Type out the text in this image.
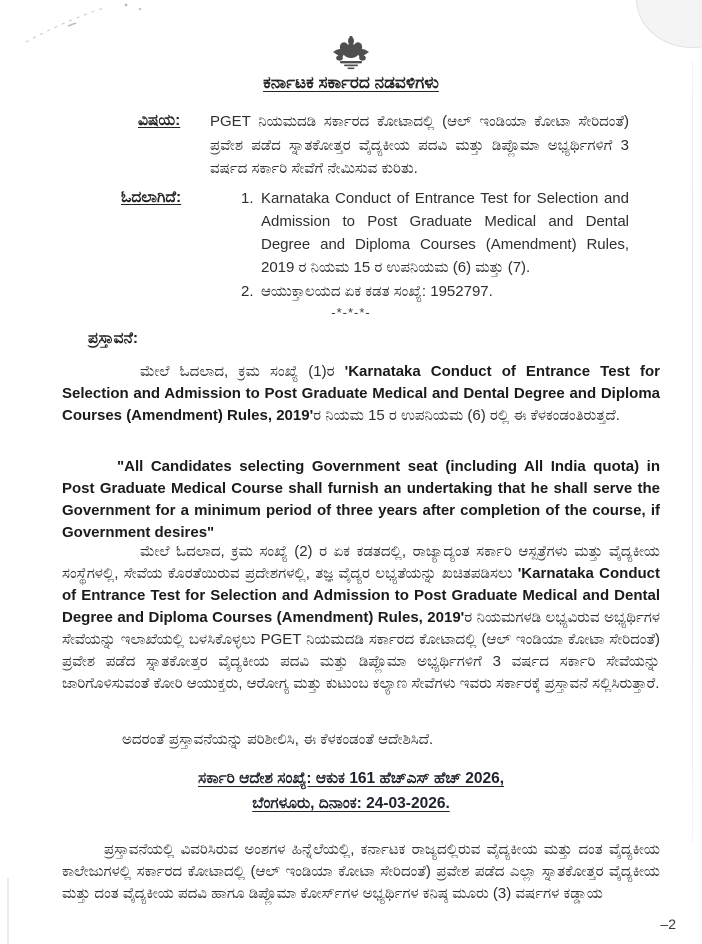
ಕರ್ನಾಟಕ ಸರ್ಕಾರದ ನಡವಳಿಗಳು
ವಿಷಯ: PGET ನಿಯಮದಡಿ ಸರ್ಕಾರದ ಕೋಟಾದಲ್ಲಿ (ಆಲ್ ಇಂಡಿಯಾ ಕೋಟಾ ಸೇರಿದಂತೆ) ಪ್ರವೇಶ ಪಡೆದ ಸ್ನಾತಕೋತ್ತರ ವೈದ್ಯಕೀಯ ಪದವಿ ಮತ್ತು ಡಿಪ್ಲೊಮಾ ಅಭ್ಯರ್ಥಿಗಳಿಗೆ 3 ವರ್ಷದ ಸರ್ಕಾರಿ ಸೇವೆಗೆ ನೇಮಿಸುವ ಕುರಿತು.
ಓದಲಾಗಿದೆ:	1. Karnataka Conduct of Entrance Test for Selection and Admission to Post Graduate Medical and Dental Degree and Diploma Courses (Amendment) Rules, 2019 ರ ನಿಯಮ 15 ರ ಉಪನಿಯಮ (6) ಮತ್ತು (7).
2. ಆಯುಕ್ತಾಲಯದ ಏಕ ಕಡತ ಸಂಖ್ಯೆ: 1952797.
-*-*-*-
ಪ್ರಸ್ತಾವನೆ:

ಮೇಲೆ ಓದಲಾದ, ಕ್ರಮ ಸಂಖ್ಯೆ (1)ರ 'Karnataka Conduct of Entrance Test for Selection and Admission to Post Graduate Medical and Dental Degree and Diploma Courses (Amendment) Rules, 2019'ರ ನಿಯಮ 15 ರ ಉಪನಿಯಮ (6) ರಲ್ಲಿ ಈ ಕೆಳಕಂಡಂತಿರುತ್ತದೆ.

"All Candidates selecting Government seat (including All India quota) in Post Graduate Medical Course shall furnish an undertaking that he shall serve the Government for a minimum period of three years after completion of the course, if Government desires"

ಮೇಲೆ ಓದಲಾದ, ಕ್ರಮ ಸಂಖ್ಯೆ (2) ರ ಏಕ ಕಡತದಲ್ಲಿ, ರಾಜ್ಯಾದ್ಯಂತ ಸರ್ಕಾರಿ ಆಸ್ಪತ್ರೆಗಳು ಮತ್ತು ವೈದ್ಯಕೀಯ ಸಂಸ್ಥೆಗಳಲ್ಲಿ, ಸೇವೆಯ ಕೊರತೆಯಿರುವ ಪ್ರದೇಶಗಳಲ್ಲಿ, ತಜ್ಞ ವೈದ್ಯರ ಲಭ್ಯತೆಯನ್ನು ಖಚಿತಪಡಿಸಲು 'Karnataka Conduct of Entrance Test for Selection and Admission to Post Graduate Medical and Dental Degree and Diploma Courses (Amendment) Rules, 2019'ರ ನಿಯಮಗಳಡಿ ಲಭ್ಯವಿರುವ ಅಭ್ಯರ್ಥಿಗಳ ಸೇವೆಯನ್ನು ಇಲಾಖೆಯಲ್ಲಿ ಬಳಸಿಕೊಳ್ಳಲು PGET ನಿಯಮದಡಿ ಸರ್ಕಾರದ ಕೋಟಾದಲ್ಲಿ (ಆಲ್ ಇಂಡಿಯಾ ಕೋಟಾ ಸೇರಿದಂತೆ) ಪ್ರವೇಶ ಪಡೆದ ಸ್ನಾತಕೋತ್ತರ ವೈದ್ಯಕೀಯ ಪದವಿ ಮತ್ತು ಡಿಪ್ಲೊಮಾ ಅಭ್ಯರ್ಥಿಗಳಿಗೆ 3 ವರ್ಷದ ಸರ್ಕಾರಿ ಸೇವೆಯನ್ನು ಜಾರಿಗೊಳಿಸುವಂತೆ ಕೋರಿ ಆಯುಕ್ತರು, ಆರೋಗ್ಯ ಮತ್ತು ಕುಟುಂಬ ಕಲ್ಯಾಣ ಸೇವೆಗಳು ಇವರು ಸರ್ಕಾರಕ್ಕೆ ಪ್ರಸ್ತಾವನೆ ಸಲ್ಲಿಸಿರುತ್ತಾರೆ.

ಅದರಂತೆ ಪ್ರಸ್ತಾವನೆಯನ್ನು ಪರಿಶೀಲಿಸಿ, ಈ ಕೆಳಕಂಡಂತೆ ಆದೇಶಿಸಿದೆ.

ಸರ್ಕಾರಿ ಆದೇಶ ಸಂಖ್ಯೆ: ಆಕುಕ 161 ಹೆಚ್‌ಎಸ್ ಹೆಚ್ 2026,
ಬೆಂಗಳೂರು, ದಿನಾಂಕ: 24-03-2026.

ಪ್ರಸ್ತಾವನೆಯಲ್ಲಿ ವಿವರಿಸಿರುವ ಅಂಶಗಳ ಹಿನ್ನೆಲೆಯಲ್ಲಿ, ಕರ್ನಾಟಕ ರಾಜ್ಯದಲ್ಲಿರುವ ವೈದ್ಯಕೀಯ ಮತ್ತು ದಂತ ವೈದ್ಯಕೀಯ ಕಾಲೇಜುಗಳಲ್ಲಿ ಸರ್ಕಾರದ ಕೋಟಾದಲ್ಲಿ (ಆಲ್ ಇಂಡಿಯಾ ಕೋಟಾ ಸೇರಿದಂತೆ) ಪ್ರವೇಶ ಪಡೆದ ಎಲ್ಲಾ ಸ್ನಾತಕೋತ್ತರ ವೈದ್ಯಕೀಯ ಮತ್ತು ದಂತ ವೈದ್ಯಕೀಯ ಪದವಿ ಹಾಗೂ ಡಿಪ್ಲೊಮಾ ಕೋರ್ಸ್‌ಗಳ ಅಭ್ಯರ್ಥಿಗಳ ಕನಿಷ್ಠ ಮೂರು (3) ವರ್ಷಗಳ ಕಡ್ಡಾಯ

–2
